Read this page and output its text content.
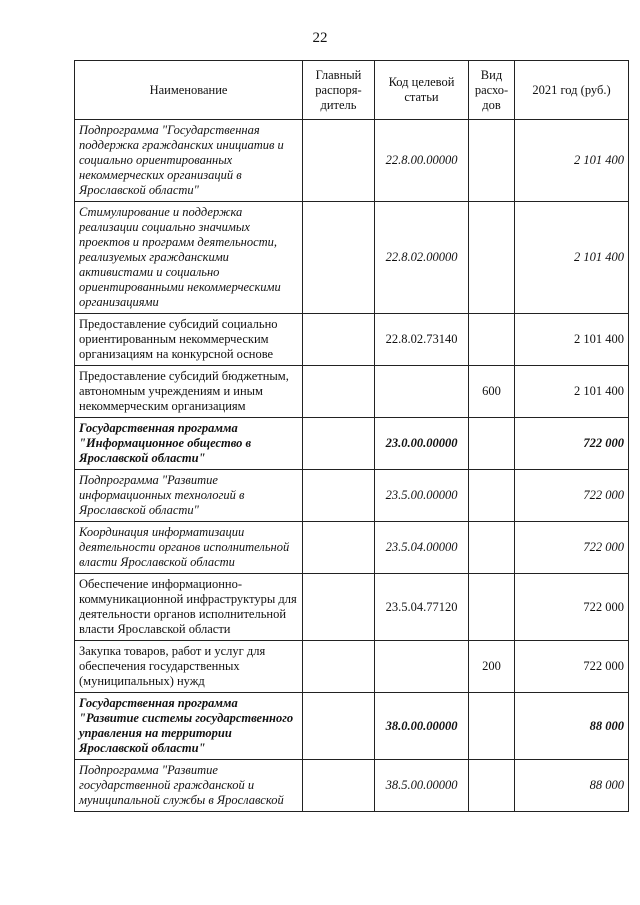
22
Наименование	Главный распоря-дитель	Код целевой статьи	Вид расхо-дов	2021 год (руб.)
Подпрограмма "Государственная поддержка гражданских инициатив и социально ориентированных некоммерческих организаций в Ярославской области"		22.8.00.00000		2 101 400
Стимулирование и поддержка реализации социально значимых проектов и программ деятельности, реализуемых гражданскими активистами и социально ориентированными некоммерческими организациями		22.8.02.00000		2 101 400
Предоставление субсидий социально ориентированным некоммерческим организациям на конкурсной основе		22.8.02.73140		2 101 400
Предоставление субсидий бюджетным, автономным учреждениям и иным некоммерческим организациям			600	2 101 400
Государственная программа "Информационное общество в Ярославской области"		23.0.00.00000		722 000
Подпрограмма "Развитие информационных технологий в Ярославской области"		23.5.00.00000		722 000
Координация информатизации деятельности органов исполнительной власти Ярославской области		23.5.04.00000		722 000
Обеспечение информационно-коммуникационной инфраструктуры для деятельности органов исполнительной власти Ярославской области		23.5.04.77120		722 000
Закупка товаров, работ и услуг для обеспечения государственных (муниципальных) нужд			200	722 000
Государственная программа "Развитие системы государственного управления на территории Ярославской области"		38.0.00.00000		88 000
Подпрограмма "Развитие государственной гражданской и муниципальной службы в Ярославской		38.5.00.00000		88 000
